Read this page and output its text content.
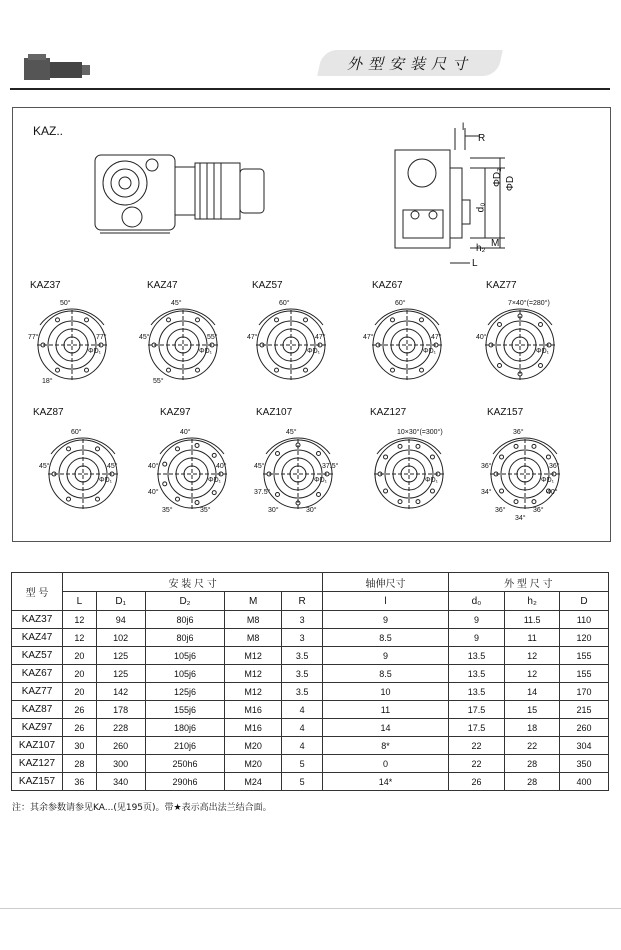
外型安装尺寸
KAZ..	l
R
ΦD₂ ΦD
d₀
M
h₂
L
KAZ37	KAZ47	KAZ57	KAZ67	KAZ77
KAZ87	KAZ97	KAZ107	KAZ127	KAZ157
50°
77°	77°
18°
ΦD₁
45°
45°	55°
55°
ΦD₁
60°
47°	47°
ΦD₁
60°
47°	47°
ΦD₁
7×40°(=280°)
40°
ΦD₁
60°
45°	45°
ΦD₁
40°
40°	40°
35°	35°
40°
ΦD₁
45°
45°	37.5°
30°	30°
37.5°
ΦD₁
10×30°(=300°)
ΦD₁
36°
36°	36°
36°	36°
34°	40°
34°
ΦD₁
型 号	安 装 尺 寸					轴伸尺寸	外 型 尺 寸		
	L	D₁	D₂	M	R	l	d₀	h₂	D
KAZ37	12	94	80j6	M8	3	9	9	11.5	110
KAZ47	12	102	80j6	M8	3	8.5	9	11	120
KAZ57	20	125	105j6	M12	3.5	9	13.5	12	155
KAZ67	20	125	105j6	M12	3.5	8.5	13.5	12	155
KAZ77	20	142	125j6	M12	3.5	10	13.5	14	170
KAZ87	26	178	155j6	M16	4	11	17.5	15	215
KAZ97	26	228	180j6	M16	4	14	17.5	18	260
KAZ107	30	260	210j6	M20	4	8*	22	22	304
KAZ127	28	300	250h6	M20	5	0	22	28	350
KAZ157	36	340	290h6	M24	5	14*	26	28	400
注：其余参数请参见KA...(见195页)。带★表示高出法兰结合面。
